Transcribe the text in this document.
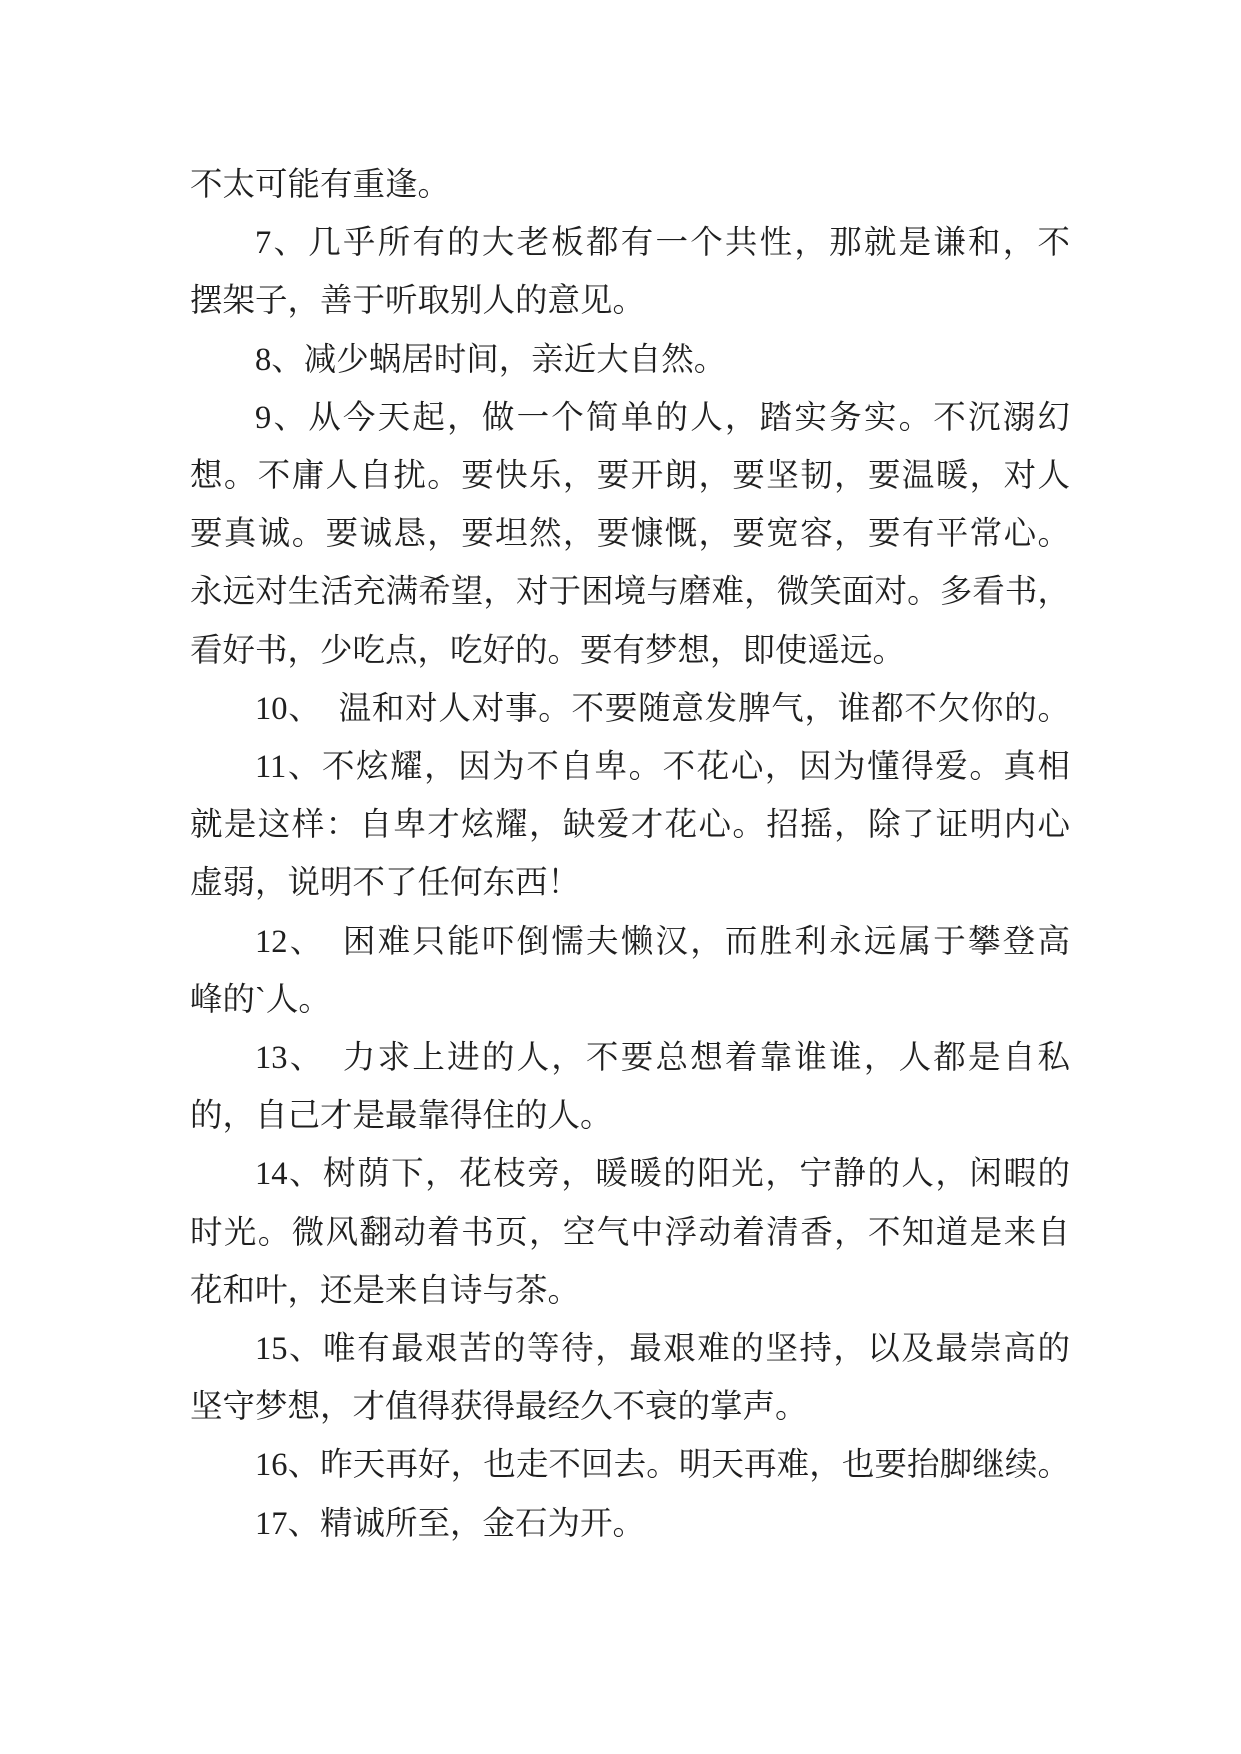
不太可能有重逢。
7、几乎所有的大老板都有一个共性，那就是谦和，不
摆架子，善于听取别人的意见。
8、减少蜗居时间，亲近大自然。
9、从今天起，做一个简单的人，踏实务实。不沉溺幻
想。不庸人自扰。要快乐，要开朗，要坚韧，要温暖，对人
要真诚。要诚恳，要坦然，要慷慨，要宽容，要有平常心。
永远对生活充满希望，对于困境与磨难，微笑面对。多看书，
看好书，少吃点，吃好的。要有梦想，即使遥远。
10、　温和对人对事。不要随意发脾气，谁都不欠你的。
11、不炫耀，因为不自卑。不花心，因为懂得爱。真相
就是这样：自卑才炫耀，缺爱才花心。招摇，除了证明内心
虚弱，说明不了任何东西！
12、　困难只能吓倒懦夫懒汉，而胜利永远属于攀登高
峰的`人。
13、　力求上进的人，不要总想着靠谁谁，人都是自私
的，自己才是最靠得住的人。
14、树荫下，花枝旁，暖暖的阳光，宁静的人，闲暇的
时光。微风翻动着书页，空气中浮动着清香，不知道是来自
花和叶，还是来自诗与茶。
15、唯有最艰苦的等待，最艰难的坚持，以及最崇高的
坚守梦想，才值得获得最经久不衰的掌声。
16、昨天再好，也走不回去。明天再难，也要抬脚继续。
17、精诚所至，金石为开。
